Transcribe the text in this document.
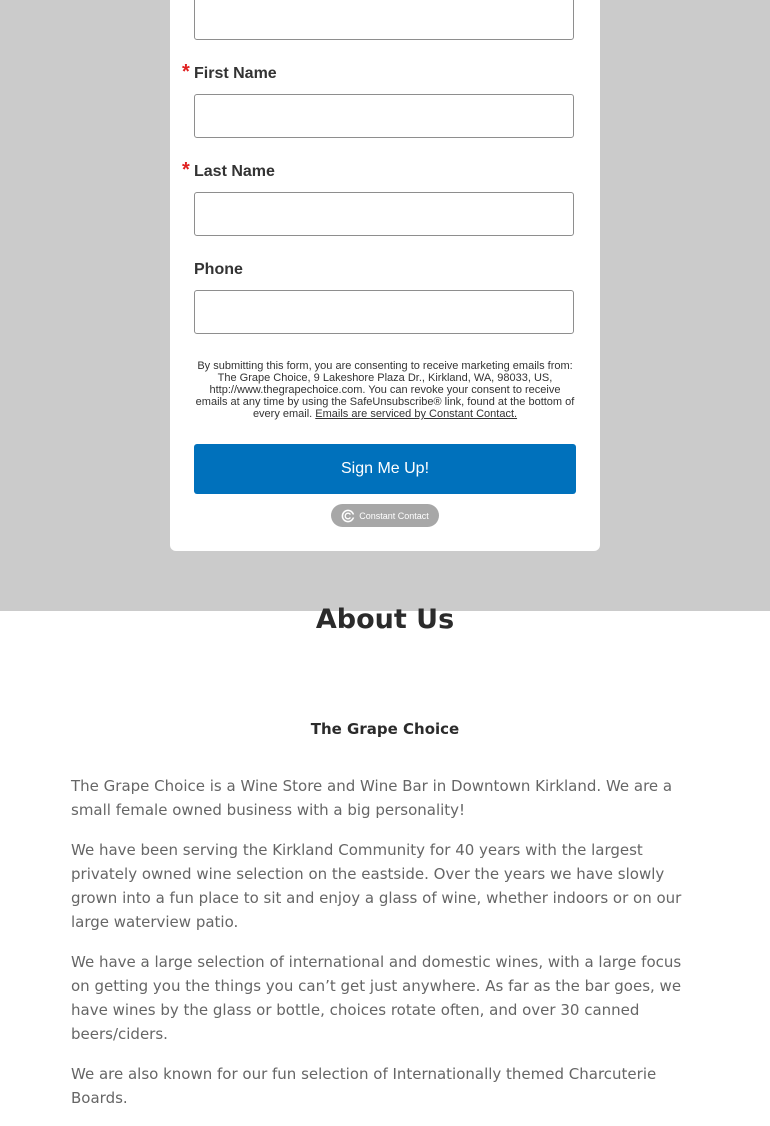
* First Name
* Last Name
Phone
By submitting this form, you are consenting to receive marketing emails from: The Grape Choice, 9 Lakeshore Plaza Dr., Kirkland, WA, 98033, US, http://www.thegrapechoice.com. You can revoke your consent to receive emails at any time by using the SafeUnsubscribe® link, found at the bottom of every email. Emails are serviced by Constant Contact.
Sign Me Up!
Constant Contact
About Us
The Grape Choice

The Grape Choice is a Wine Store and Wine Bar in Downtown Kirkland. We are a small female owned business with a big personality!

We have been serving the Kirkland Community for 40 years with the largest privately owned wine selection on the eastside. Over the years we have slowly grown into a fun place to sit and enjoy a glass of wine, whether indoors or on our large waterview patio.

We have a large selection of international and domestic wines, with a large focus on getting you the things you can’t get just anywhere. As far as the bar goes, we have wines by the glass or bottle, choices rotate often, and over 30 canned beers/ciders.

We are also known for our fun selection of Internationally themed Charcuterie Boards.
